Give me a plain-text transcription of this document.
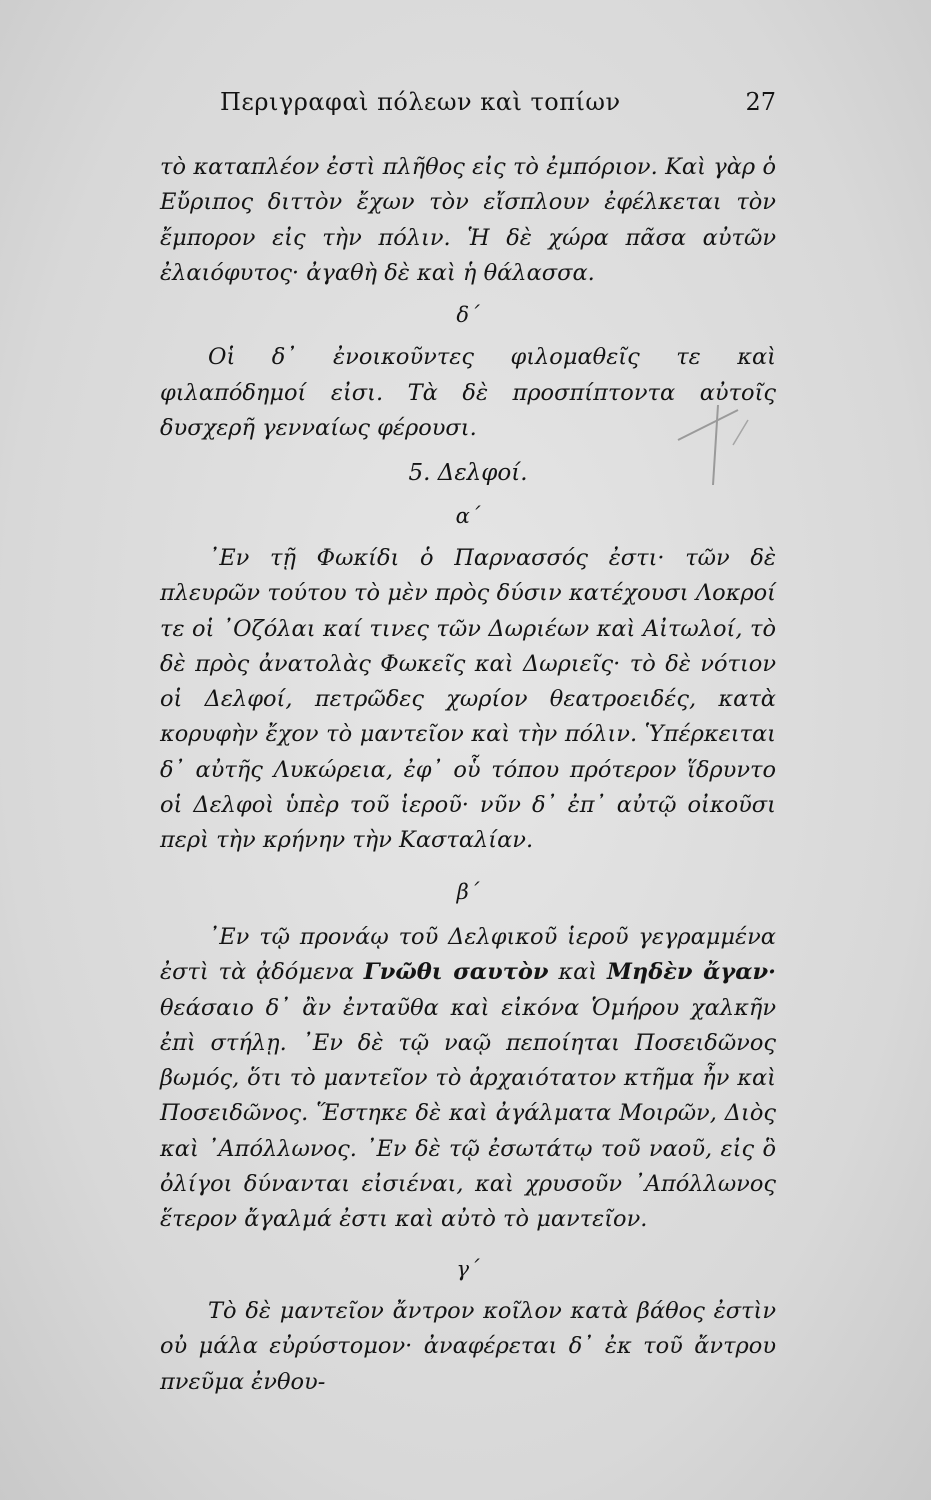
Περιγραφαὶ πόλεων καὶ τοπίων	27

τὸ καταπλέον ἐστὶ πλῆθος εἰς τὸ ἐμπόριον. Καὶ γὰρ ὁ Εὔριπος διττὸν ἔχων τὸν εἴσπλουν ἐφέλκεται τὸν ἔμπορον εἰς τὴν πόλιν. Ἡ δὲ χώρα πᾶσα αὐτῶν ἐλαιόφυτος· ἀγαθὴ δὲ καὶ ἡ θάλασσα.

δ΄

Οἱ δ᾿ ἐνοικοῦντες φιλομαθεῖς τε καὶ φιλαπόδημοί εἰσι. Τὰ δὲ προσπίπτοντα αὐτοῖς δυσχερῆ γενναίως φέρουσι.

5. Δελφοί.
α΄

᾿Εν τῇ Φωκίδι ὁ Παρνασσός ἐστι· τῶν δὲ πλευρῶν τούτου τὸ μὲν πρὸς δύσιν κατέχουσι Λοκροί τε οἱ ᾿Οζόλαι καί τινες τῶν Δωριέων καὶ Αἰτωλοί, τὸ δὲ πρὸς ἀνατολὰς Φωκεῖς καὶ Δωριεῖς· τὸ δὲ νότιον οἱ Δελφοί, πετρῶδες χωρίον θεατροειδές, κατὰ κορυφὴν ἔχον τὸ μαντεῖον καὶ τὴν πόλιν. Ὑπέρκειται δ᾿ αὐτῆς Λυκώρεια, ἐφ᾿ οὗ τόπου πρότερον ἵδρυντο οἱ Δελφοὶ ὑπὲρ τοῦ ἱεροῦ· νῦν δ᾿ ἐπ᾿ αὐτῷ οἰκοῦσι περὶ τὴν κρήνην τὴν Κασταλίαν.

β΄

᾿Εν τῷ προνάῳ τοῦ Δελφικοῦ ἱεροῦ γεγραμμένα ἐστὶ τὰ ᾀδόμενα Γνῶθι σαυτὸν καὶ Μηδὲν ἄγαν· θεάσαιο δ᾿ ἂν ἐνταῦθα καὶ εἰκόνα Ὁμήρου χαλκῆν ἐπὶ στήλῃ. ᾿Εν δὲ τῷ ναῷ πεποίηται Ποσειδῶνος βωμός, ὅτι τὸ μαντεῖον τὸ ἀρχαιότατον κτῆμα ἦν καὶ Ποσειδῶνος. Ἕστηκε δὲ καὶ ἀγάλματα Μοιρῶν, Διὸς καὶ ᾿Απόλλωνος. ᾿Εν δὲ τῷ ἐσωτάτῳ τοῦ ναοῦ, εἰς ὃ ὀλίγοι δύνανται εἰσιέναι, καὶ χρυσοῦν ᾿Απόλλωνος ἕτερον ἄγαλμά ἐστι καὶ αὐτὸ τὸ μαντεῖον.

γ΄

Τὸ δὲ μαντεῖον ἄντρον κοῖλον κατὰ βάθος ἐστὶν οὐ μάλα εὐρύστομον· ἀναφέρεται δ᾿ ἐκ τοῦ ἄντρου πνεῦμα ἐνθου-
